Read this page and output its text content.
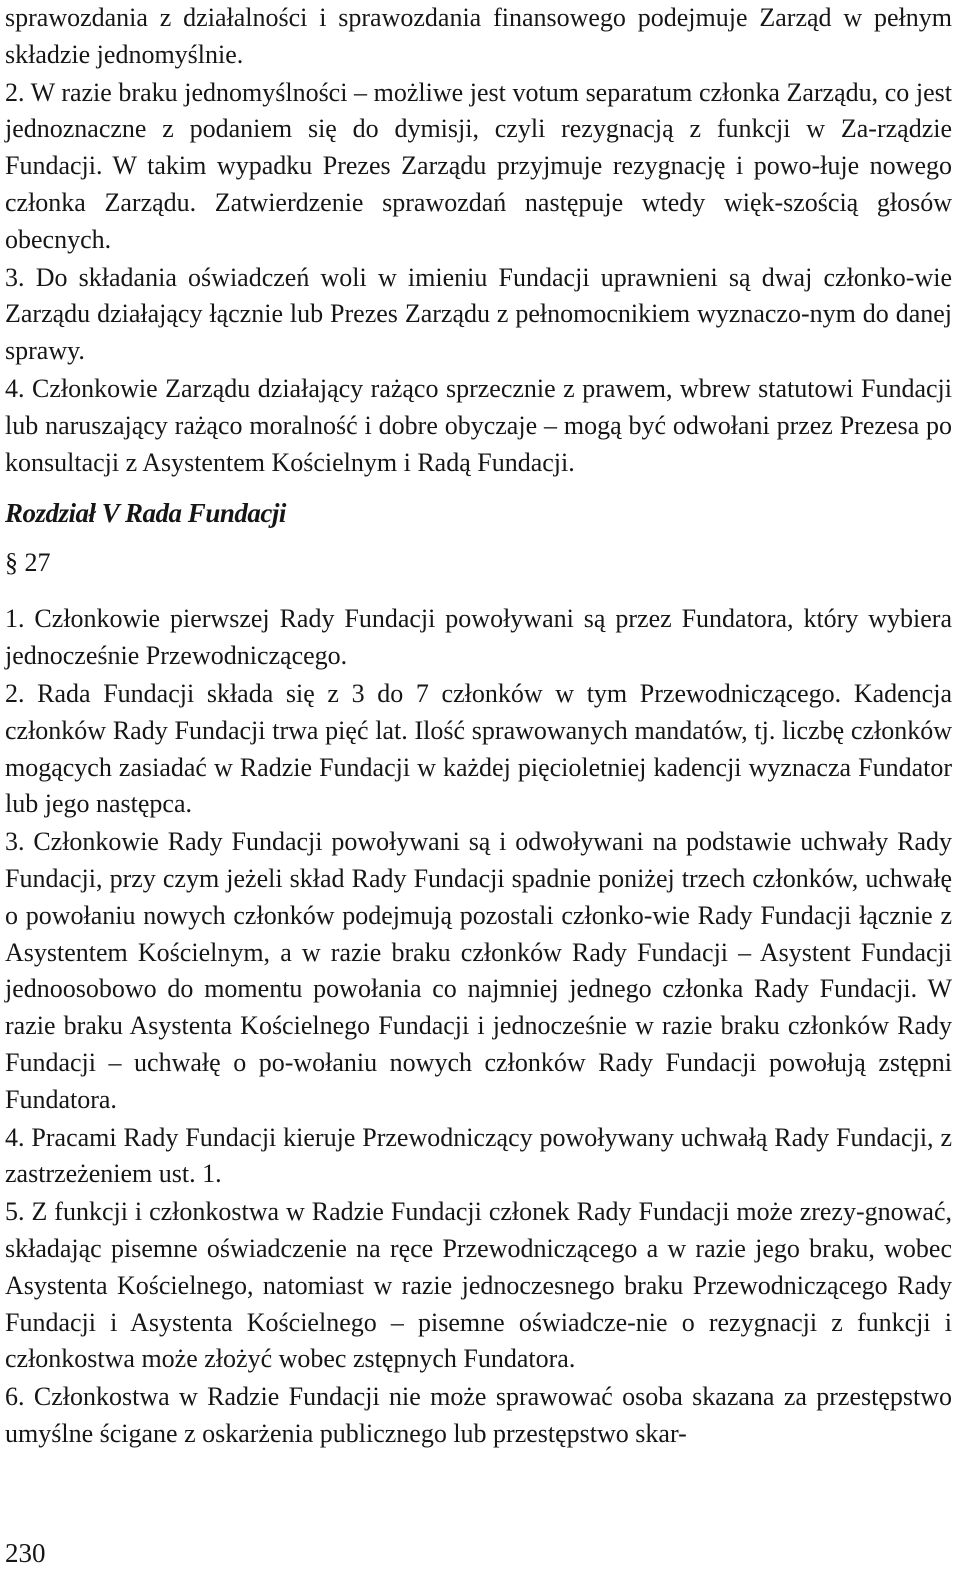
sprawozdania z działalności i sprawozdania finansowego podejmuje Zarząd w pełnym składzie jednomyślnie.

2. W razie braku jednomyślności – możliwe jest votum separatum członka Zarządu, co jest jednoznaczne z podaniem się do dymisji, czyli rezygnacją z funkcji w Za-rządzie Fundacji. W takim wypadku Prezes Zarządu przyjmuje rezygnację i powo-łuje nowego członka Zarządu. Zatwierdzenie sprawozdań następuje wtedy więk-szością głosów obecnych.

3. Do składania oświadczeń woli w imieniu Fundacji uprawnieni są dwaj członko-wie Zarządu działający łącznie lub Prezes Zarządu z pełnomocnikiem wyznaczo-nym do danej sprawy.

4. Członkowie Zarządu działający rażąco sprzecznie z prawem, wbrew statutowi Fundacji lub naruszający rażąco moralność i dobre obyczaje – mogą być odwołani przez Prezesa po konsultacji z Asystentem Kościelnym i Radą Fundacji.

Rozdział V Rada Fundacji
§ 27

1. Członkowie pierwszej Rady Fundacji powoływani są przez Fundatora, który wybiera jednocześnie Przewodniczącego.

2. Rada Fundacji składa się z 3 do 7 członków w tym Przewodniczącego. Kadencja członków Rady Fundacji trwa pięć lat. Ilość sprawowanych mandatów, tj. liczbę członków mogących zasiadać w Radzie Fundacji w każdej pięcioletniej kadencji wyznacza Fundator lub jego następca.

3. Członkowie Rady Fundacji powoływani są i odwoływani na podstawie uchwały Rady Fundacji, przy czym jeżeli skład Rady Fundacji spadnie poniżej trzech członków, uchwałę o powołaniu nowych członków podejmują pozostali członko-wie Rady Fundacji łącznie z Asystentem Kościelnym, a w razie braku członków Rady Fundacji – Asystent Fundacji jednoosobowo do momentu powołania co najmniej jednego członka Rady Fundacji. W razie braku Asystenta Kościelnego Fundacji i jednocześnie w razie braku członków Rady Fundacji – uchwałę o po-wołaniu nowych członków Rady Fundacji powołują zstępni Fundatora.

4. Pracami Rady Fundacji kieruje Przewodniczący powoływany uchwałą Rady Fundacji, z zastrzeżeniem ust. 1.

5. Z funkcji i członkostwa w Radzie Fundacji członek Rady Fundacji może zrezy-gnować, składając pisemne oświadczenie na ręce Przewodniczącego a w razie jego braku, wobec Asystenta Kościelnego, natomiast w razie jednoczesnego braku Przewodniczącego Rady Fundacji i Asystenta Kościelnego – pisemne oświadcze-nie o rezygnacji z funkcji i członkostwa może złożyć wobec zstępnych Fundatora.

6. Członkostwa w Radzie Fundacji nie może sprawować osoba skazana za przestępstwo umyślne ścigane z oskarżenia publicznego lub przestępstwo skar-

230
